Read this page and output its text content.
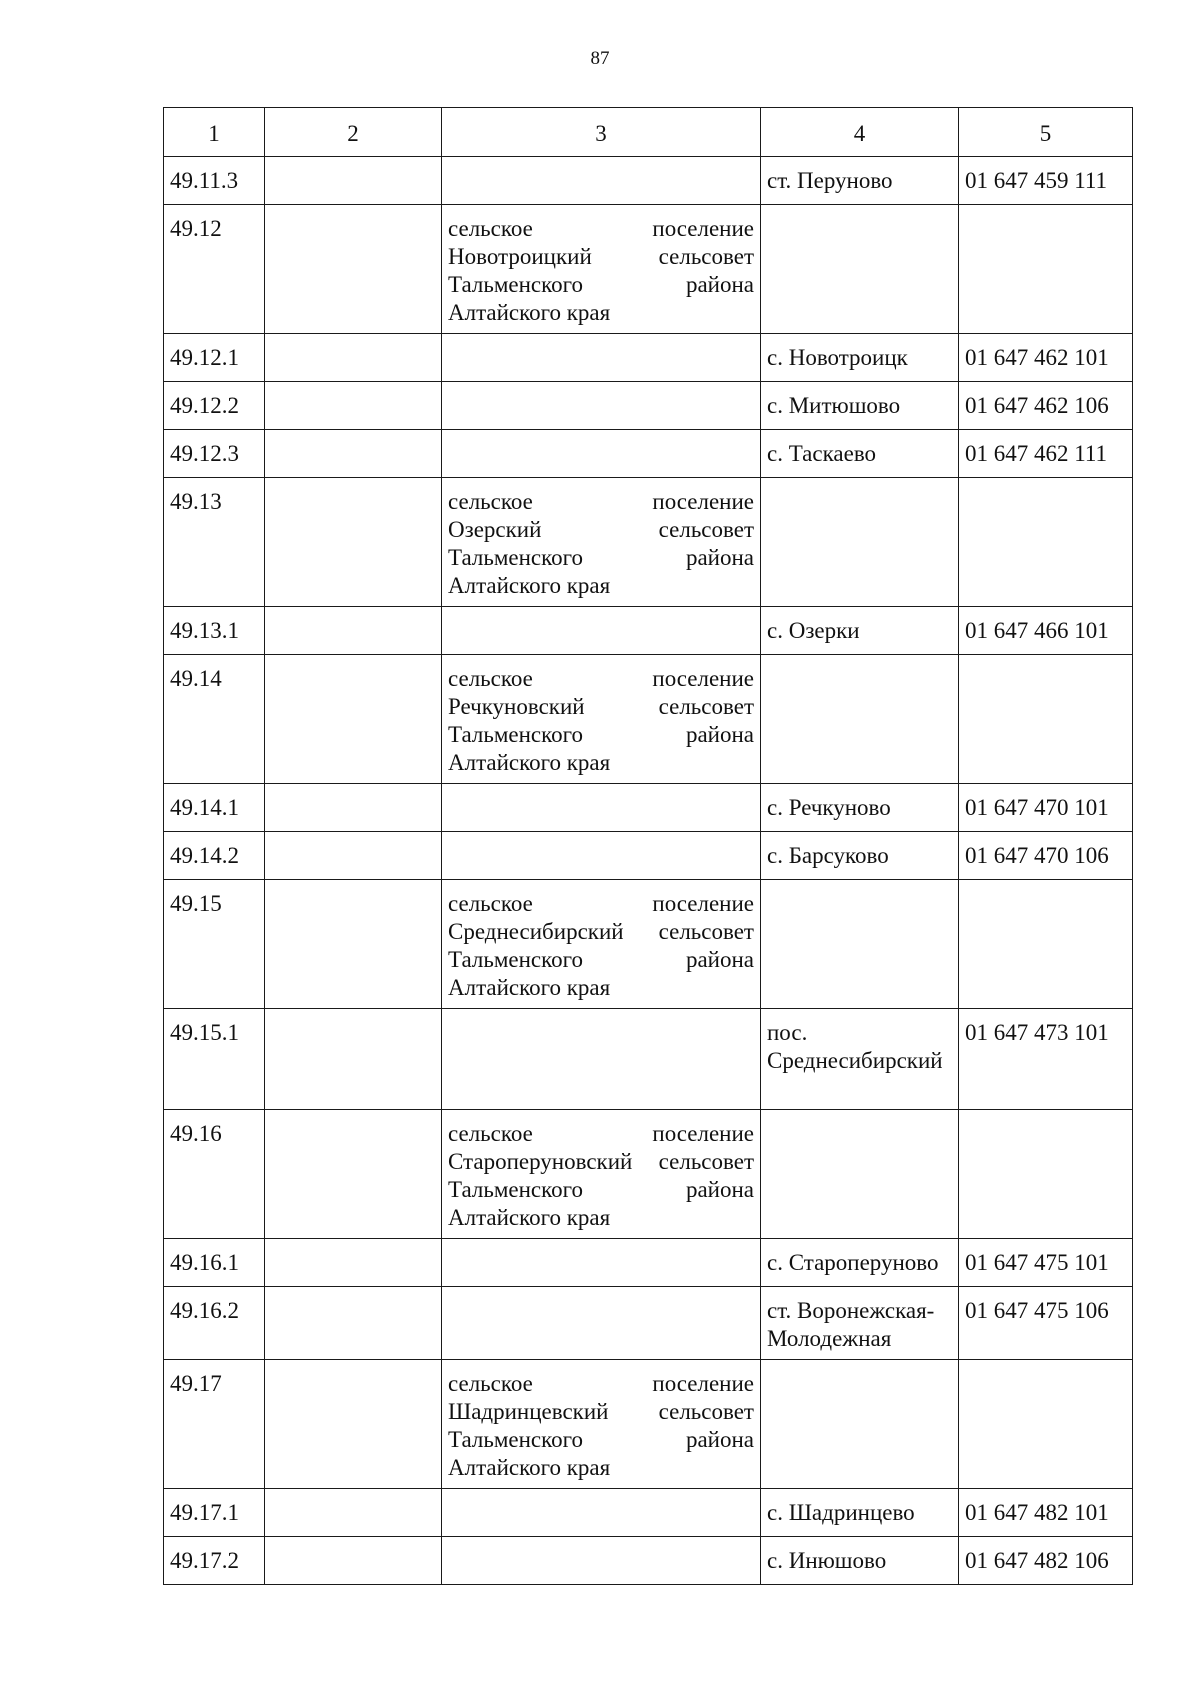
87
1	2	3	4	5
49.11.3			ст. Перуново	01 647 459 111
49.12		сельское поселение
Новотроицкий сельсовет
Тальменского района
Алтайского края		

49.12.1			с. Новотроицк	01 647 462 101
49.12.2			с. Митюшово	01 647 462 106
49.12.3			с. Таскаево	01 647 462 111
49.13		сельское поселение
Озерский сельсовет
Тальменского района
Алтайского края		

49.13.1			с. Озерки	01 647 466 101
49.14		сельское поселение
Речкуновский сельсовет
Тальменского района
Алтайского края		

49.14.1			с. Речкуново	01 647 470 101
49.14.2			с. Барсуково	01 647 470 106
49.15		сельское поселение
Среднесибирский сельсовет
Тальменского района
Алтайского края		

49.15.1			пос. Среднесибирский	01 647 473 101
49.16		сельское поселение
Староперуновский сельсовет
Тальменского района
Алтайского края		

49.16.1			с. Староперуново	01 647 475 101
49.16.2			ст. Воронежская-Молодежная	01 647 475 106
49.17		сельское поселение
Шадринцевский сельсовет
Тальменского района
Алтайского края		

49.17.1			с. Шадринцево	01 647 482 101
49.17.2			с. Инюшово	01 647 482 106
